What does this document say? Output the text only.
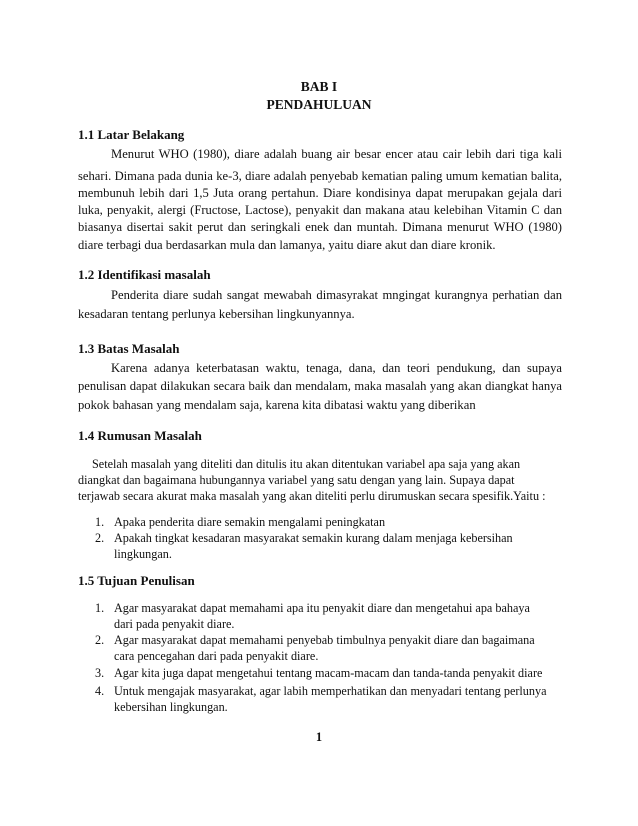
BAB I
PENDAHULUAN
1.1 Latar Belakang
Menurut WHO (1980), diare adalah buang air besar encer atau cair lebih dari tiga kali
sehari. Dimana pada dunia ke-3, diare adalah penyebab kematian paling umum kematian balita,
membunuh lebih dari 1,5 Juta orang pertahun. Diare kondisinya dapat merupakan gejala dari
luka, penyakit, alergi (Fructose, Lactose), penyakit dan makana atau kelebihan Vitamin C dan
biasanya disertai sakit perut dan seringkali enek dan muntah. Dimana menurut WHO (1980)
diare terbagi dua berdasarkan mula dan lamanya, yaitu diare akut dan diare kronik.
1.2 Identifikasi masalah
Penderita diare sudah sangat mewabah dimasyrakat mngingat kurangnya perhatian dan
kesadaran tentang perlunya kebersihan lingkunyannya.
1.3 Batas Masalah
Karena adanya keterbatasan waktu, tenaga, dana, dan teori pendukung, dan supaya
penulisan dapat dilakukan secara baik dan mendalam, maka masalah yang akan diangkat hanya
pokok bahasan yang mendalam saja, karena kita dibatasi waktu yang diberikan
1.4 Rumusan Masalah
Setelah masalah yang diteliti dan ditulis itu akan ditentukan variabel apa saja yang akan
diangkat dan bagaimana hubungannya variabel yang satu dengan yang lain. Supaya dapat
terjawab secara akurat maka masalah yang akan diteliti perlu dirumuskan secara spesifik.Yaitu :
1. Apaka penderita diare semakin mengalami peningkatan
2. Apakah tingkat kesadaran masyarakat semakin kurang dalam menjaga kebersihan
lingkungan.
1.5 Tujuan Penulisan
1. Agar masyarakat dapat memahami apa itu penyakit diare dan mengetahui apa bahaya
dari pada penyakit diare.
2. Agar masyarakat dapat memahami penyebab timbulnya penyakit diare dan bagaimana
cara pencegahan dari pada penyakit diare.
3. Agar kita juga dapat mengetahui tentang macam-macam dan tanda-tanda penyakit diare
4. Untuk mengajak masyarakat, agar labih memperhatikan dan menyadari tentang perlunya
kebersihan lingkungan.
1
